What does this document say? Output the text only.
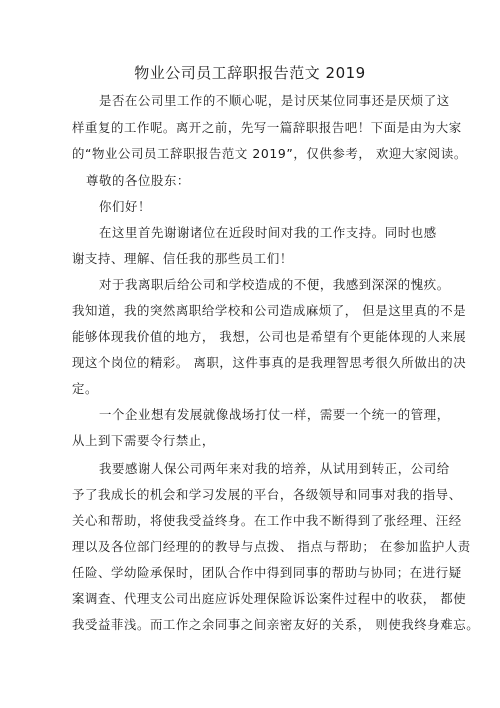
物业公司员工辞职报告范文 2019
是否在公司里工作的不顺心呢，是讨厌某位同事还是厌烦了这
样重复的工作呢。离开之前，先写一篇辞职报告吧！下面是由为大家
的“物业公司员工辞职报告范文 2019”，仅供参考， 欢迎大家阅读。
尊敬的各位股东：
你们好！
在这里首先谢谢诸位在近段时间对我的工作支持。同时也感
谢支持、理解、信任我的那些员工们！
对于我离职后给公司和学校造成的不便，我感到深深的愧疚。
我知道，我的突然离职给学校和公司造成麻烦了， 但是这里真的不是
能够体现我价值的地方， 我想，公司也是希望有个更能体现的人来展
现这个岗位的精彩。 离职，这件事真的是我理智思考很久所做出的决
定。
一个企业想有发展就像战场打仗一样，需要一个统一的管理，
从上到下需要令行禁止，
我要感谢人保公司两年来对我的培养，从试用到转正，公司给
予了我成长的机会和学习发展的平台，各级领导和同事对我的指导、
关心和帮助，将使我受益终身。在工作中我不断得到了张经理、汪经
理以及各位部门经理的的教导与点拨、 指点与帮助； 在参加监护人责
任险、学幼险承保时，团队合作中得到同事的帮助与协同；在进行疑
案调查、代理支公司出庭应诉处理保险诉讼案件过程中的收获， 都使
我受益菲浅。而工作之余同事之间亲密友好的关系， 则使我终身难忘。
